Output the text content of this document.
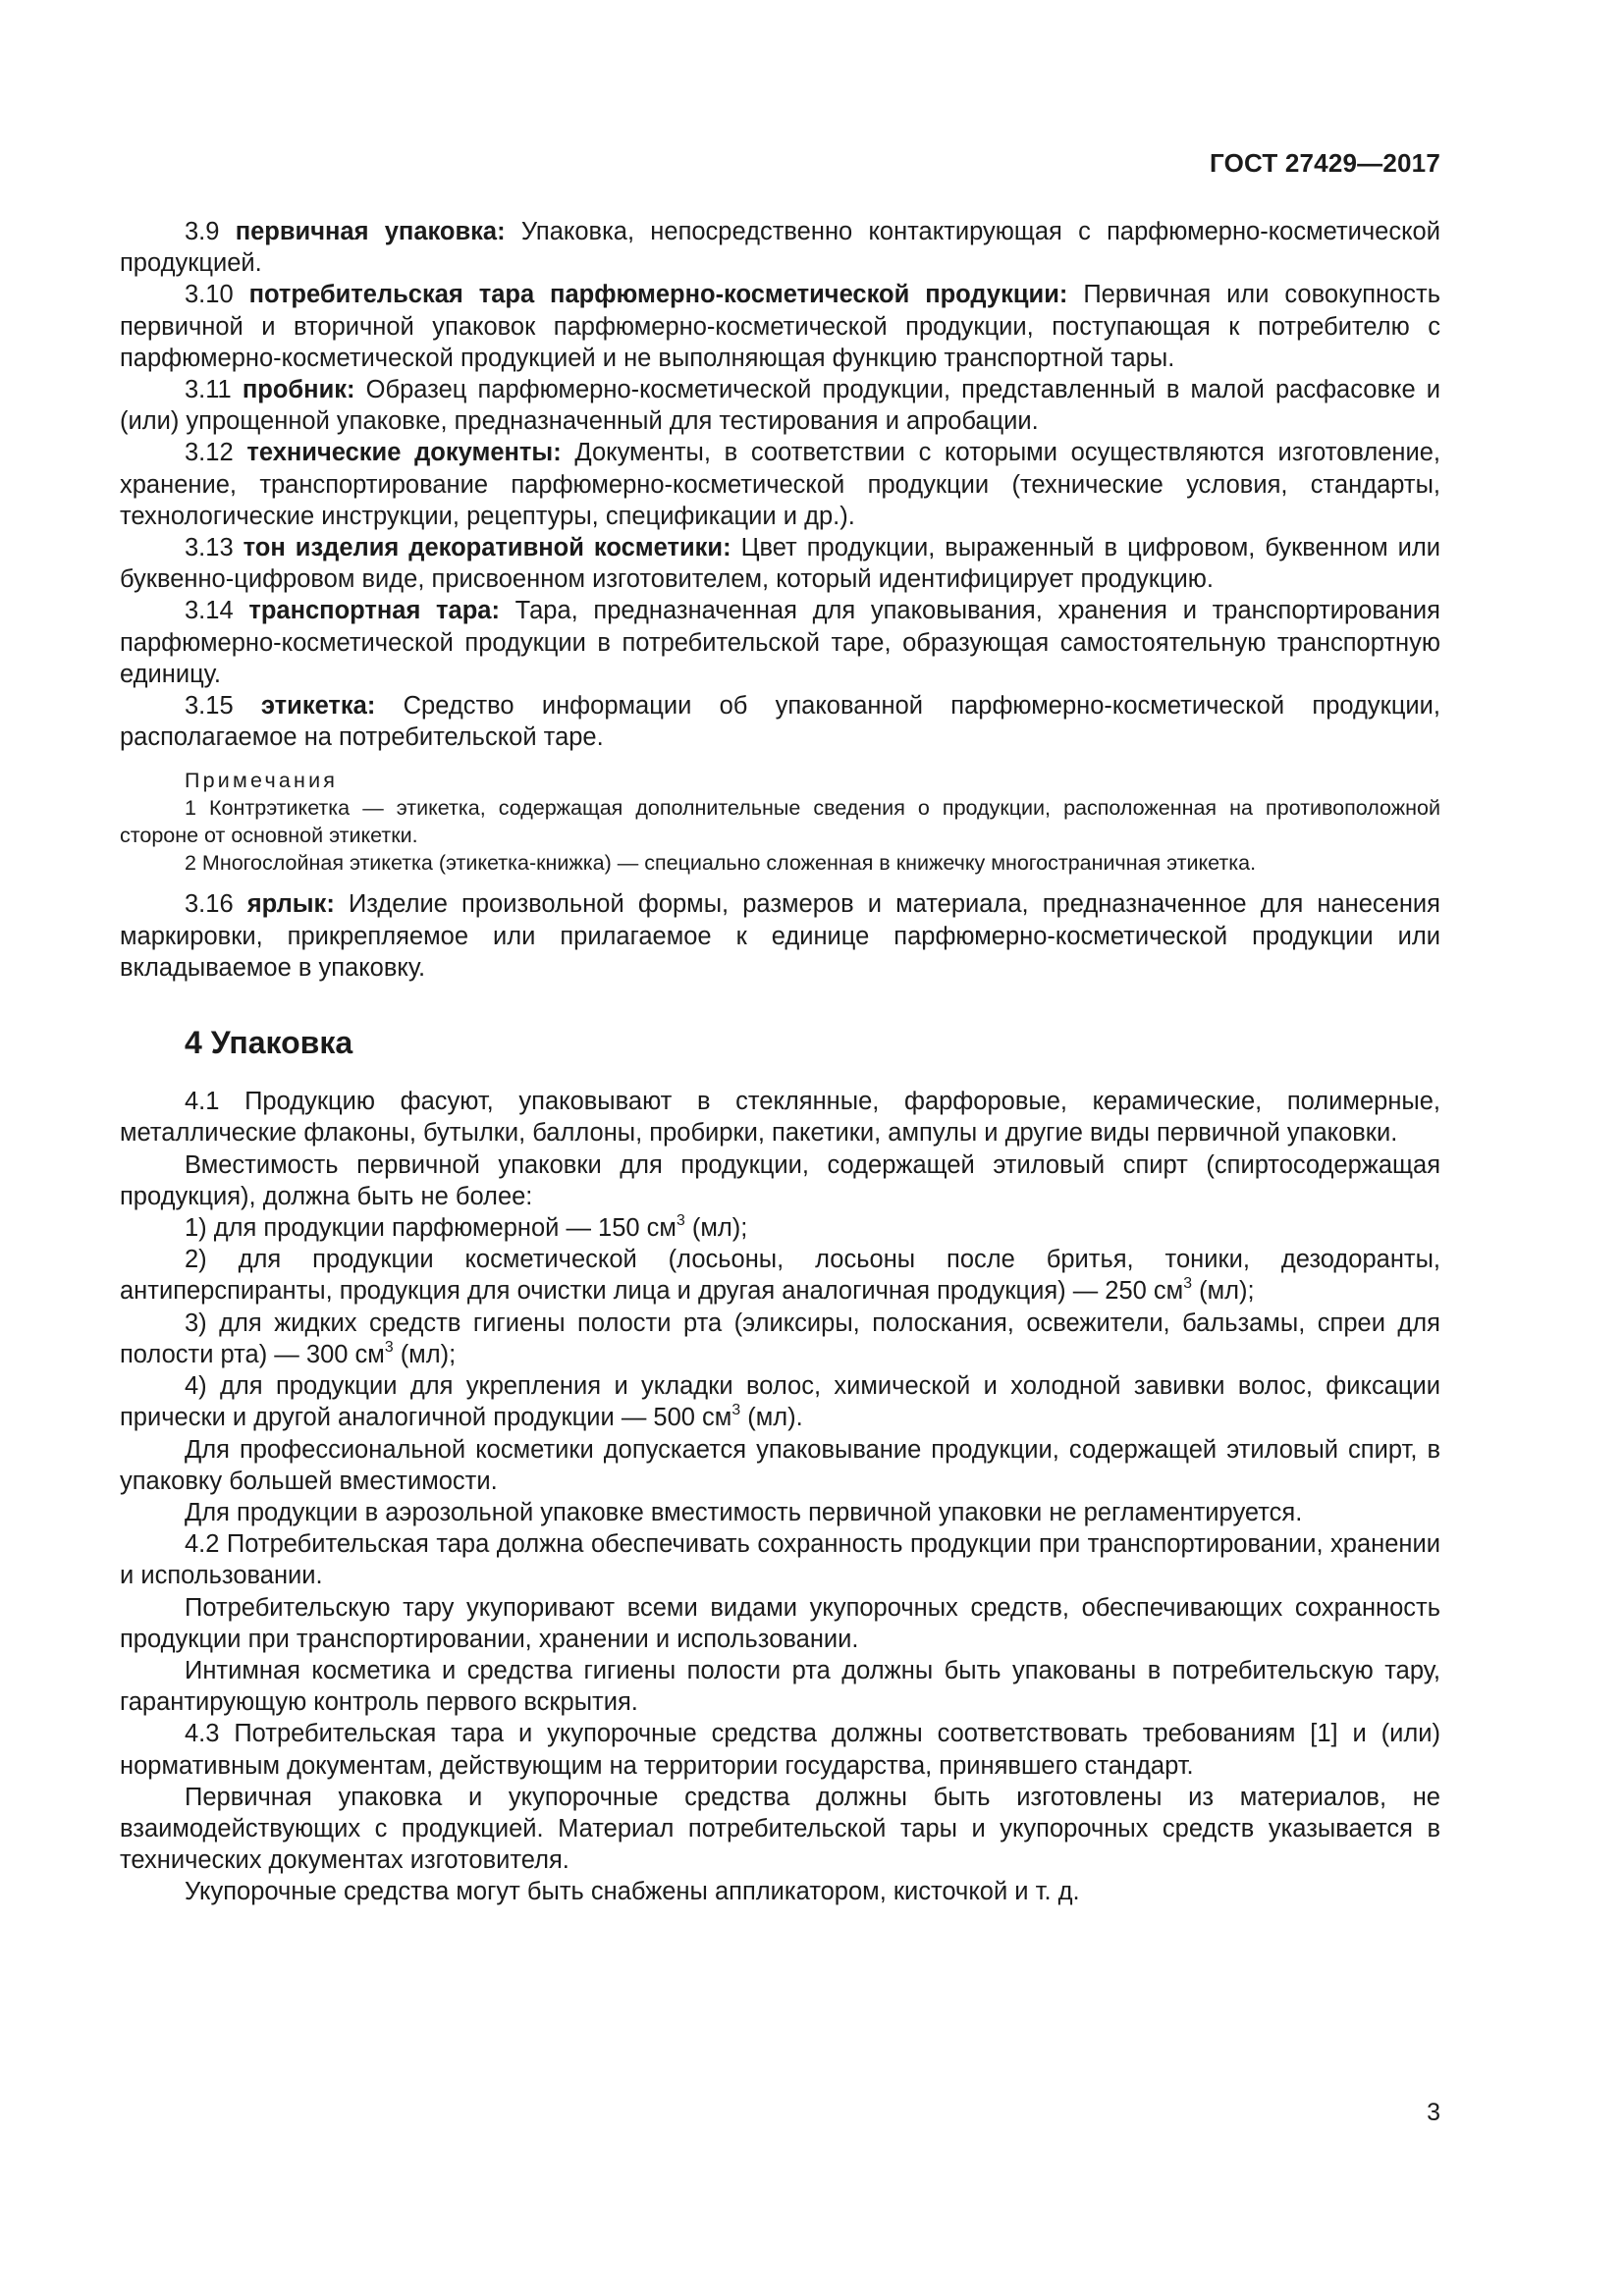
ГОСТ 27429—2017

3.9 первичная упаковка: Упаковка, непосредственно контактирующая с парфюмерно-косметической продукцией.

3.10 потребительская тара парфюмерно-косметической продукции: Первичная или совокупность первичной и вторичной упаковок парфюмерно-косметической продукции, поступающая к потребителю с парфюмерно-косметической продукцией и не выполняющая функцию транспортной тары.

3.11 пробник: Образец парфюмерно-косметической продукции, представленный в малой расфасовке и (или) упрощенной упаковке, предназначенный для тестирования и апробации.

3.12 технические документы: Документы, в соответствии с которыми осуществляются изготовление, хранение, транспортирование парфюмерно-косметической продукции (технические условия, стандарты, технологические инструкции, рецептуры, спецификации и др.).

3.13 тон изделия декоративной косметики: Цвет продукции, выраженный в цифровом, буквенном или буквенно-цифровом виде, присвоенном изготовителем, который идентифицирует продукцию.

3.14 транспортная тара: Тара, предназначенная для упаковывания, хранения и транспортирования парфюмерно-косметической продукции в потребительской таре, образующая самостоятельную транспортную единицу.

3.15 этикетка: Средство информации об упакованной парфюмерно-косметической продукции, располагаемое на потребительской таре.

Примечания

1 Контрэтикетка — этикетка, содержащая дополнительные сведения о продукции, расположенная на противоположной стороне от основной этикетки.

2 Многослойная этикетка (этикетка-книжка) — специально сложенная в книжечку многостраничная этикетка.

3.16 ярлык: Изделие произвольной формы, размеров и материала, предназначенное для нанесения маркировки, прикрепляемое или прилагаемое к единице парфюмерно-косметической продукции или вкладываемое в упаковку.

4 Упаковка

4.1 Продукцию фасуют, упаковывают в стеклянные, фарфоровые, керамические, полимерные, металлические флаконы, бутылки, баллоны, пробирки, пакетики, ампулы и другие виды первичной упаковки.

Вместимость первичной упаковки для продукции, содержащей этиловый спирт (спиртосодержащая продукция), должна быть не более:

1) для продукции парфюмерной — 150 $см^3$ (мл);

2) для продукции косметической (лосьоны, лосьоны после бритья, тоники, дезодоранты, антиперспиранты, продукция для очистки лица и другая аналогичная продукция) — 250 $см^3$ (мл);

3) для жидких средств гигиены полости рта (эликсиры, полоскания, освежители, бальзамы, спреи для полости рта) — 300 $см^3$ (мл);

4) для продукции для укрепления и укладки волос, химической и холодной завивки волос, фиксации прически и другой аналогичной продукции — 500 $см^3$ (мл).

Для профессиональной косметики допускается упаковывание продукции, содержащей этиловый спирт, в упаковку большей вместимости.

Для продукции в аэрозольной упаковке вместимость первичной упаковки не регламентируется.

4.2 Потребительская тара должна обеспечивать сохранность продукции при транспортировании, хранении и использовании.

Потребительскую тару укупоривают всеми видами укупорочных средств, обеспечивающих сохранность продукции при транспортировании, хранении и использовании.

Интимная косметика и средства гигиены полости рта должны быть упакованы в потребительскую тару, гарантирующую контроль первого вскрытия.

4.3 Потребительская тара и укупорочные средства должны соответствовать требованиям [1] и (или) нормативным документам, действующим на территории государства, принявшего стандарт.

Первичная упаковка и укупорочные средства должны быть изготовлены из материалов, не взаимодействующих с продукцией. Материал потребительской тары и укупорочных средств указывается в технических документах изготовителя.

Укупорочные средства могут быть снабжены аппликатором, кисточкой и т. д.

3
